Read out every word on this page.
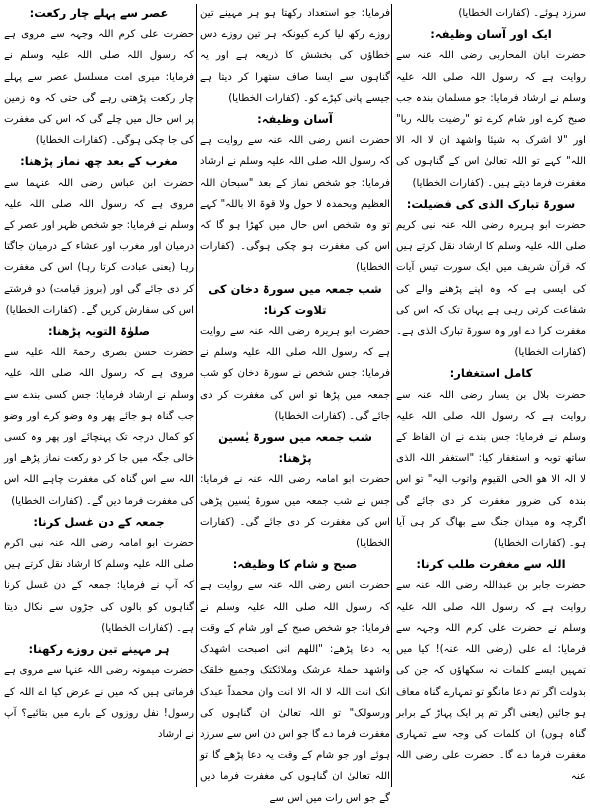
عصر سے پہلے چار رکعت:

حضرت علی کرم اللہ وجہہ سے مروی ہے کہ رسول اللہ صلی اللہ علیہ وسلم نے فرمایا: میری امت مسلسل عصر سے پہلے چار رکعت پڑھتی رہے گی حتی کہ وہ زمین پر اس حال میں چلے گی کہ اس کی مغفرت کی جا چکی ہوگی۔ (کفارات الخطایا)

مغرب کے بعد چھ نماز پڑھنا:

حضرت ابن عباس رضی اللہ عنہما سے مروی ہے کہ رسول اللہ صلی اللہ علیہ وسلم نے فرمایا: جو شخص ظہر اور عصر کے درمیان اور مغرب اور عشاء کے درمیان جاگتا رہا (یعنی عبادت کرتا رہا) اس کی مغفرت کر دی جائے گی اور (بروز قیامت) دو فرشتے اس کی سفارش کریں گے۔ (کفارات الخطایا)

صلوٰۃ التوبہ پڑھنا:

حضرت حسن بصری رحمۃ اللہ علیہ سے مروی ہے کہ رسول اللہ صلی اللہ علیہ وسلم نے ارشاد فرمایا: جس کسی بندے سے جب گناہ ہو جائے پھر وہ وضو کرے اور وضو کو کمال درجہ تک پہنچائے اور پھر وہ کسی خالی جگہ میں جا کر دو رکعت نماز پڑھے اور اللہ سے اس گناہ کی مغفرت چاہے اللہ اس کی مغفرت فرما دیں گے۔ (کفارات الخطایا)

جمعہ کے دن غسل کرنا:

حضرت ابو امامہ رضی اللہ عنہ نبی اکرم صلی اللہ علیہ وسلم کا ارشاد نقل کرتے ہیں کہ آپ نے فرمایا: جمعہ کے دن غسل کرنا گناہوں کو بالوں کی جڑوں سے نکال دیتا ہے۔ (کفارات الخطایا)

ہر مہینے تین روزے رکھنا:

حضرت میمونہ رضی اللہ عنہا سے مروی ہے فرماتی ہیں کہ میں نے عرض کیا اے اللہ کے رسول! نفل روزوں کے بارے میں بتائیے؟ آپ نے ارشاد

فرمایا: جو استعداد رکھتا ہو ہر مہینے تین روزے رکھ لیا کرے کیونکہ ہر تین روزے دس خطاؤں کی بخشش کا ذریعہ ہے اور یہ گناہوں سے ایسا صاف ستھرا کر دیتا ہے جیسے پانی کپڑے کو۔ (کفارات الخطایا)

آسان وظیفہ:

حضرت انس رضی اللہ عنہ سے روایت ہے کہ رسول اللہ صلی اللہ علیہ وسلم نے ارشاد فرمایا: جو شخص نماز کے بعد "سبحان اللہ العظیم وبحمدہ لا حول ولا قوۃ الا باللہ" کہے تو وہ شخص اس حال میں کھڑا ہو گا کہ اس کی مغفرت ہو چکی ہوگی۔ (کفارات الخطایا)

شب جمعہ میں سورۃ دخان کی تلاوت کرنا:

حضرت ابو ہریرہ رضی اللہ عنہ سے روایت ہے کہ رسول اللہ صلی اللہ علیہ وسلم نے فرمایا: جس شخص نے سورۃ دخان کو شب جمعہ میں پڑھا تو اس کی مغفرت کر دی جائے گی۔ (کفارات الخطایا)

شب جمعہ میں سورۃ یٰسین پڑھنا:

حضرت ابو امامہ رضی اللہ عنہ نے فرمایا: جس نے شب جمعہ میں سورۃ یٰسین پڑھی اس کی مغفرت کر دی جائے گی۔ (کفارات الخطایا)

صبح و شام کا وظیفہ:

حضرت انس رضی اللہ عنہ سے روایت ہے کہ رسول اللہ صلی اللہ علیہ وسلم نے فرمایا: جو شخص صبح کے اور شام کے وقت یہ دعا پڑھے: "اللھم انی اصبحت اشھدک واشھد حملۃ عرشک وملائکتک وجمیع خلقک انک انت اللہ لا الہ الا انت وان محمداً عبدک ورسولک" تو اللہ تعالیٰ ان گناہوں کی مغفرت فرما دے گا جو اس دن اس سے سرزد ہوئے اور جو شام کے وقت یہ دعا پڑھے گا تو اللہ تعالیٰ ان گناہوں کی مغفرت فرما دیں گے جو اس رات میں اس سے

سرزد ہوئے۔ (کفارات الخطایا)

ایک اور آسان وظیفہ:

حضرت ابان المحاربی رضی اللہ عنہ سے روایت ہے کہ رسول اللہ صلی اللہ علیہ وسلم نے ارشاد فرمایا: جو مسلمان بندہ جب صبح کرے اور شام کرے تو "رضیت باللہ ربا" اور "لا اشرک بہ شیئا واشھد ان لا الہ الا اللہ" کہے تو اللہ تعالیٰ اس کے گناہوں کی مغفرت فرما دیتے ہیں۔ (کفارات الخطایا)

سورۃ تبارک الذی کی فضیلت:

حضرت ابو ہریرہ رضی اللہ عنہ نبی کریم صلی اللہ علیہ وسلم کا ارشاد نقل کرتے ہیں کہ قرآن شریف میں ایک سورت تیس آیات کی ایسی ہے کہ وہ اپنے پڑھنے والے کی شفاعت کرتی رہی ہے یہاں تک کہ اس کی مغفرت کرا دے اور وہ سورۃ تبارک الذی ہے۔ (کفارات الخطایا)

کامل استغفار:

حضرت بلال بن یسار رضی اللہ عنہ سے روایت ہے کہ رسول اللہ صلی اللہ علیہ وسلم نے فرمایا: جس بندے نے ان الفاظ کے ساتھ توبہ و استغفار کیا: "استغفر اللہ الذی لا الہ الا ھو الحی القیوم واتوب الیہ" تو اس بندہ کی ضرور مغفرت کر دی جائے گی اگرچہ وہ میدان جنگ سے بھاگ کر ہی آیا ہو۔ (کفارات الخطایا)

اللہ سے مغفرت طلب کرنا:

حضرت جابر بن عبداللہ رضی اللہ عنہ سے روایت ہے کہ رسول اللہ صلی اللہ علیہ وسلم نے حضرت علی کرم اللہ وجہہ سے فرمایا: اے علی (رضی اللہ عنہ)! کیا میں تمہیں ایسے کلمات نہ سکھاؤں کہ جن کی بدولت اگر تم دعا مانگو تو تمہارے گناہ معاف ہو جائیں (یعنی اگر تم پر ایک پہاڑ کے برابر گناہ ہوں) ان کلمات کی وجہ سے تمہاری مغفرت فرما دے گا۔ حضرت علی رضی اللہ عنہ
